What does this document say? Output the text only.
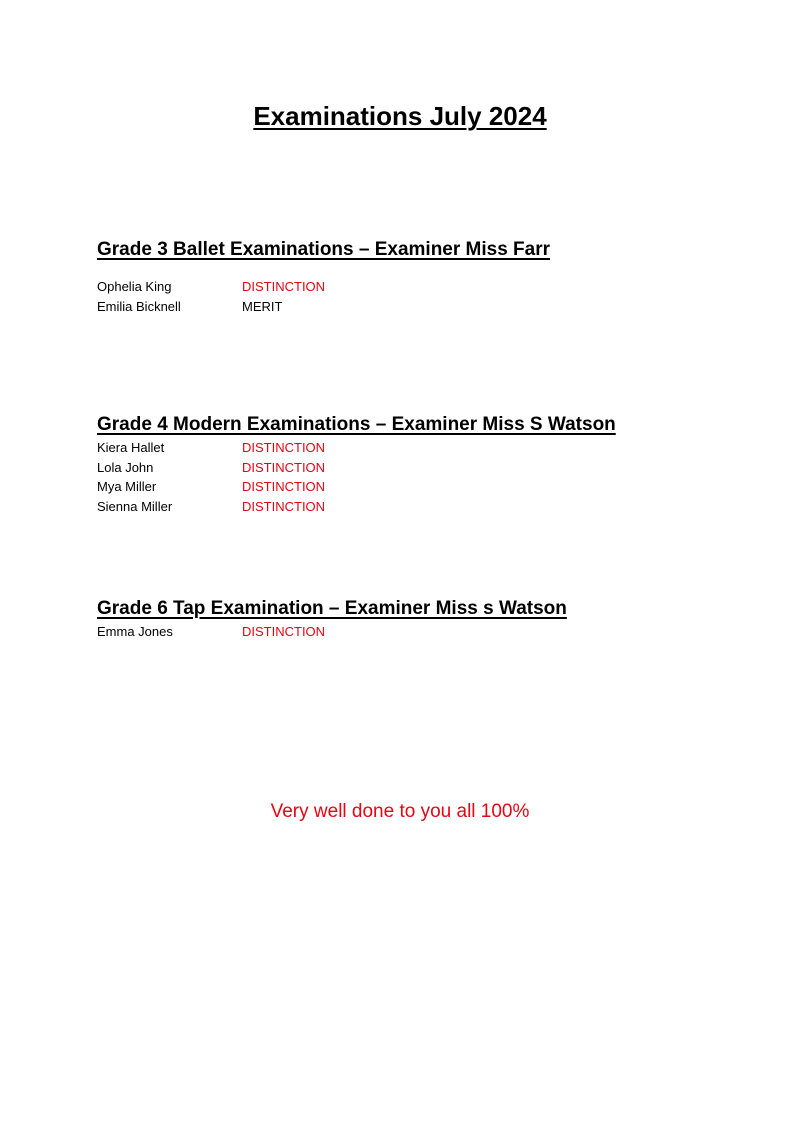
Examinations July 2024
Grade 3 Ballet Examinations – Examiner Miss Farr
Ophelia King	DISTINCTION
Emilia Bicknell	MERIT
Grade 4 Modern Examinations – Examiner Miss S Watson
Kiera Hallet	DISTINCTION
Lola John	DISTINCTION
Mya Miller	DISTINCTION
Sienna Miller	DISTINCTION
Grade 6 Tap Examination – Examiner Miss s Watson
Emma Jones	DISTINCTION

Very well done to you all 100%
